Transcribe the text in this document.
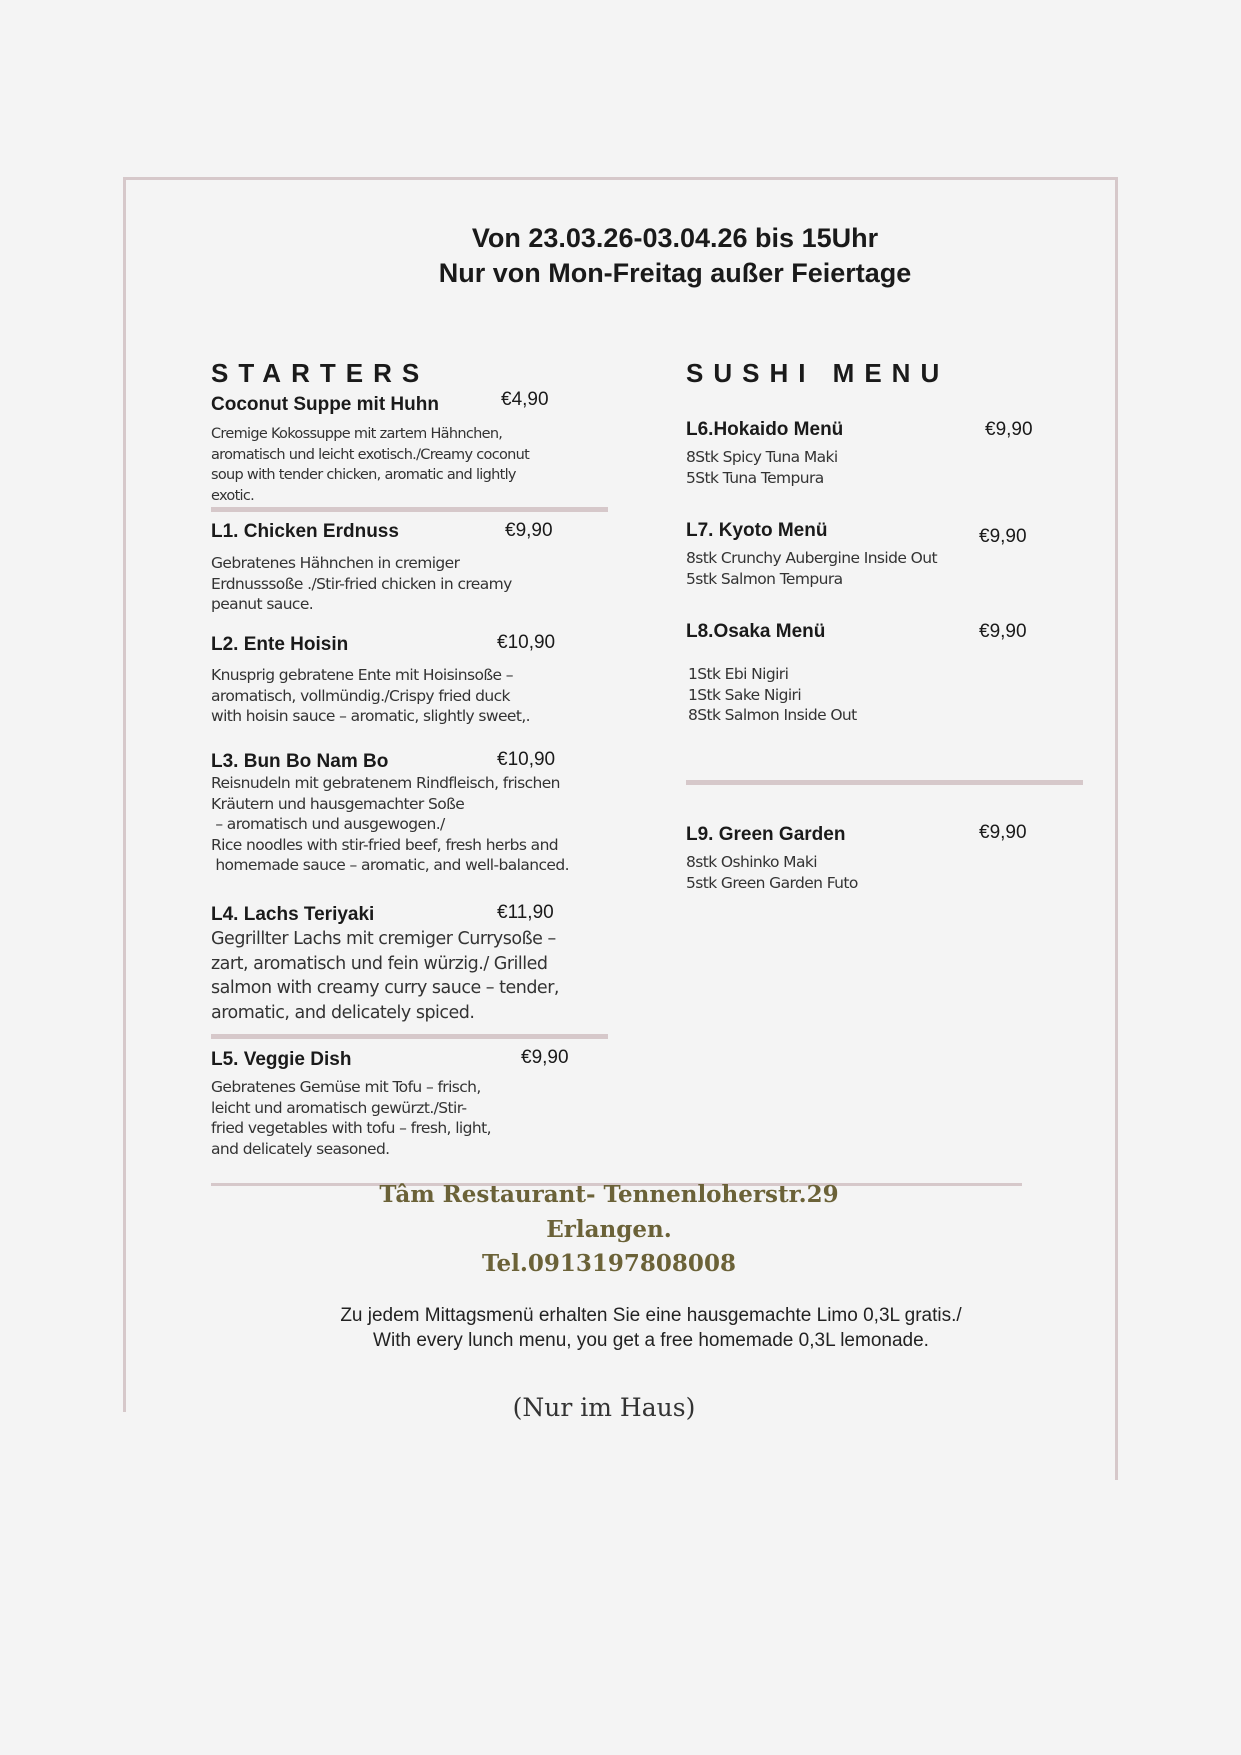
Von 23.03.26-03.04.26 bis 15Uhr
Nur von Mon-Freitag außer Feiertage
STARTERS
Coconut Suppe mit Huhn	€4,90
Cremige Kokossuppe mit zartem Hähnchen,
aromatisch und leicht exotisch./Creamy coconut
soup with tender chicken, aromatic and lightly
exotic.
L1. Chicken Erdnuss	€9,90
Gebratenes Hähnchen in cremiger
Erdnusssoße ./Stir-fried chicken in creamy
peanut sauce.
L2. Ente Hoisin	€10,90
Knusprig gebratene Ente mit Hoisinsoße –
aromatisch, vollmündig./Crispy fried duck
with hoisin sauce – aromatic, slightly sweet,.
L3. Bun Bo Nam Bo	€10,90
Reisnudeln mit gebratenem Rindfleisch, frischen
Kräutern und hausgemachter Soße
– aromatisch und ausgewogen./
Rice noodles with stir-fried beef, fresh herbs and
homemade sauce – aromatic, and well-balanced.
L4. Lachs Teriyaki	€11,90
Gegrillter Lachs mit cremiger Currysoße –
zart, aromatisch und fein würzig./ Grilled
salmon with creamy curry sauce – tender,
aromatic, and delicately spiced.
L5. Veggie Dish	€9,90
Gebratenes Gemüse mit Tofu – frisch,
leicht und aromatisch gewürzt./Stir-
fried vegetables with tofu – fresh, light,
and delicately seasoned.
SUSHI MENU
L6.Hokaido Menü	€9,90
8Stk Spicy Tuna Maki
5Stk Tuna Tempura
L7. Kyoto Menü	€9,90
8stk Crunchy Aubergine Inside Out
5stk Salmon Tempura
L8.Osaka Menü	€9,90
1Stk Ebi Nigiri
1Stk Sake Nigiri
8Stk Salmon Inside Out
L9. Green Garden	€9,90
8stk Oshinko Maki
5stk Green Garden Futo
Tâm Restaurant- Tennenloherstr.29
Erlangen.
Tel.0913197808008
Zu jedem Mittagsmenü erhalten Sie eine hausgemachte Limo 0,3L gratis./
With every lunch menu, you get a free homemade 0,3L lemonade.
(Nur im Haus)
